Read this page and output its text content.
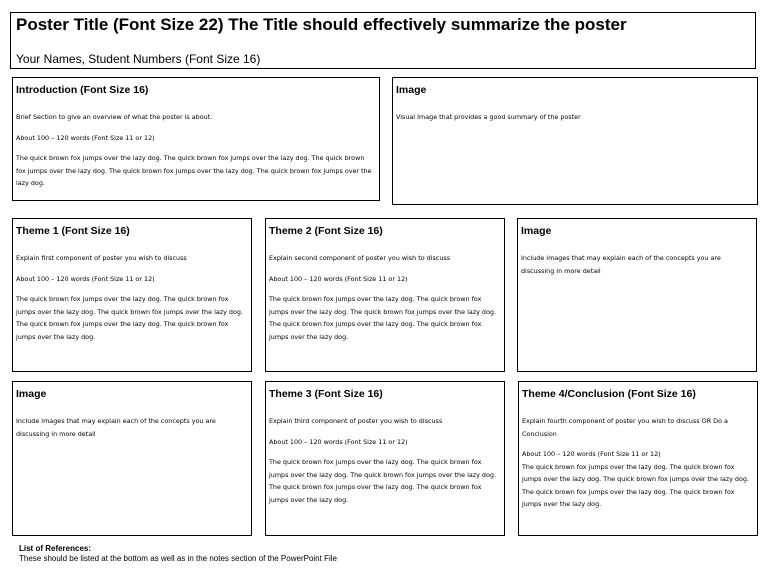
Poster Title (Font Size 22) The Title should effectively summarize the poster
Your Names, Student Numbers (Font Size 16)
Introduction (Font Size 16)

Brief Section to give an overview of what the poster is about.

About 100 – 120 words (Font Size 11 or 12)

The quick brown fox jumps over the lazy dog. The quick brown fox jumps over the lazy dog. The quick brown fox jumps over the lazy dog. The quick brown fox jumps over the lazy dog. The quick brown fox jumps over the lazy dog.

Image

Visual Image that provides a good summary of the poster

Theme 1 (Font Size 16)

Explain first component of poster you wish to discuss

About 100 – 120 words (Font Size 11 or 12)

The quick brown fox jumps over the lazy dog. The quick brown fox jumps over the lazy dog. The quick brown fox jumps over the lazy dog. The quick brown fox jumps over the lazy dog. The quick brown fox jumps over the lazy dog.

Theme 2 (Font Size 16)

Explain second component of poster you wish to discuss

About 100 – 120 words (Font Size 11 or 12)

The quick brown fox jumps over the lazy dog. The quick brown fox jumps over the lazy dog. The quick brown fox jumps over the lazy dog. The quick brown fox jumps over the lazy dog. The quick brown fox jumps over the lazy dog.

Image

Include images that may explain each of the concepts you are discussing in more detail

Image

Include images that may explain each of the concepts you are discussing in more detail

Theme 3 (Font Size 16)

Explain third component of poster you wish to discuss

About 100 – 120 words (Font Size 11 or 12)

The quick brown fox jumps over the lazy dog. The quick brown fox jumps over the lazy dog. The quick brown fox jumps over the lazy dog. The quick brown fox jumps over the lazy dog. The quick brown fox jumps over the lazy dog.

Theme 4/Conclusion (Font Size 16)

Explain fourth component of poster you wish to discuss OR Do a Conclusion

About 100 – 120 words (Font Size 11 or 12)

The quick brown fox jumps over the lazy dog. The quick brown fox jumps over the lazy dog. The quick brown fox jumps over the lazy dog. The quick brown fox jumps over the lazy dog. The quick brown fox jumps over the lazy dog.

List of References:
These should be listed at the bottom as well as in the notes section of the PowerPoint File
